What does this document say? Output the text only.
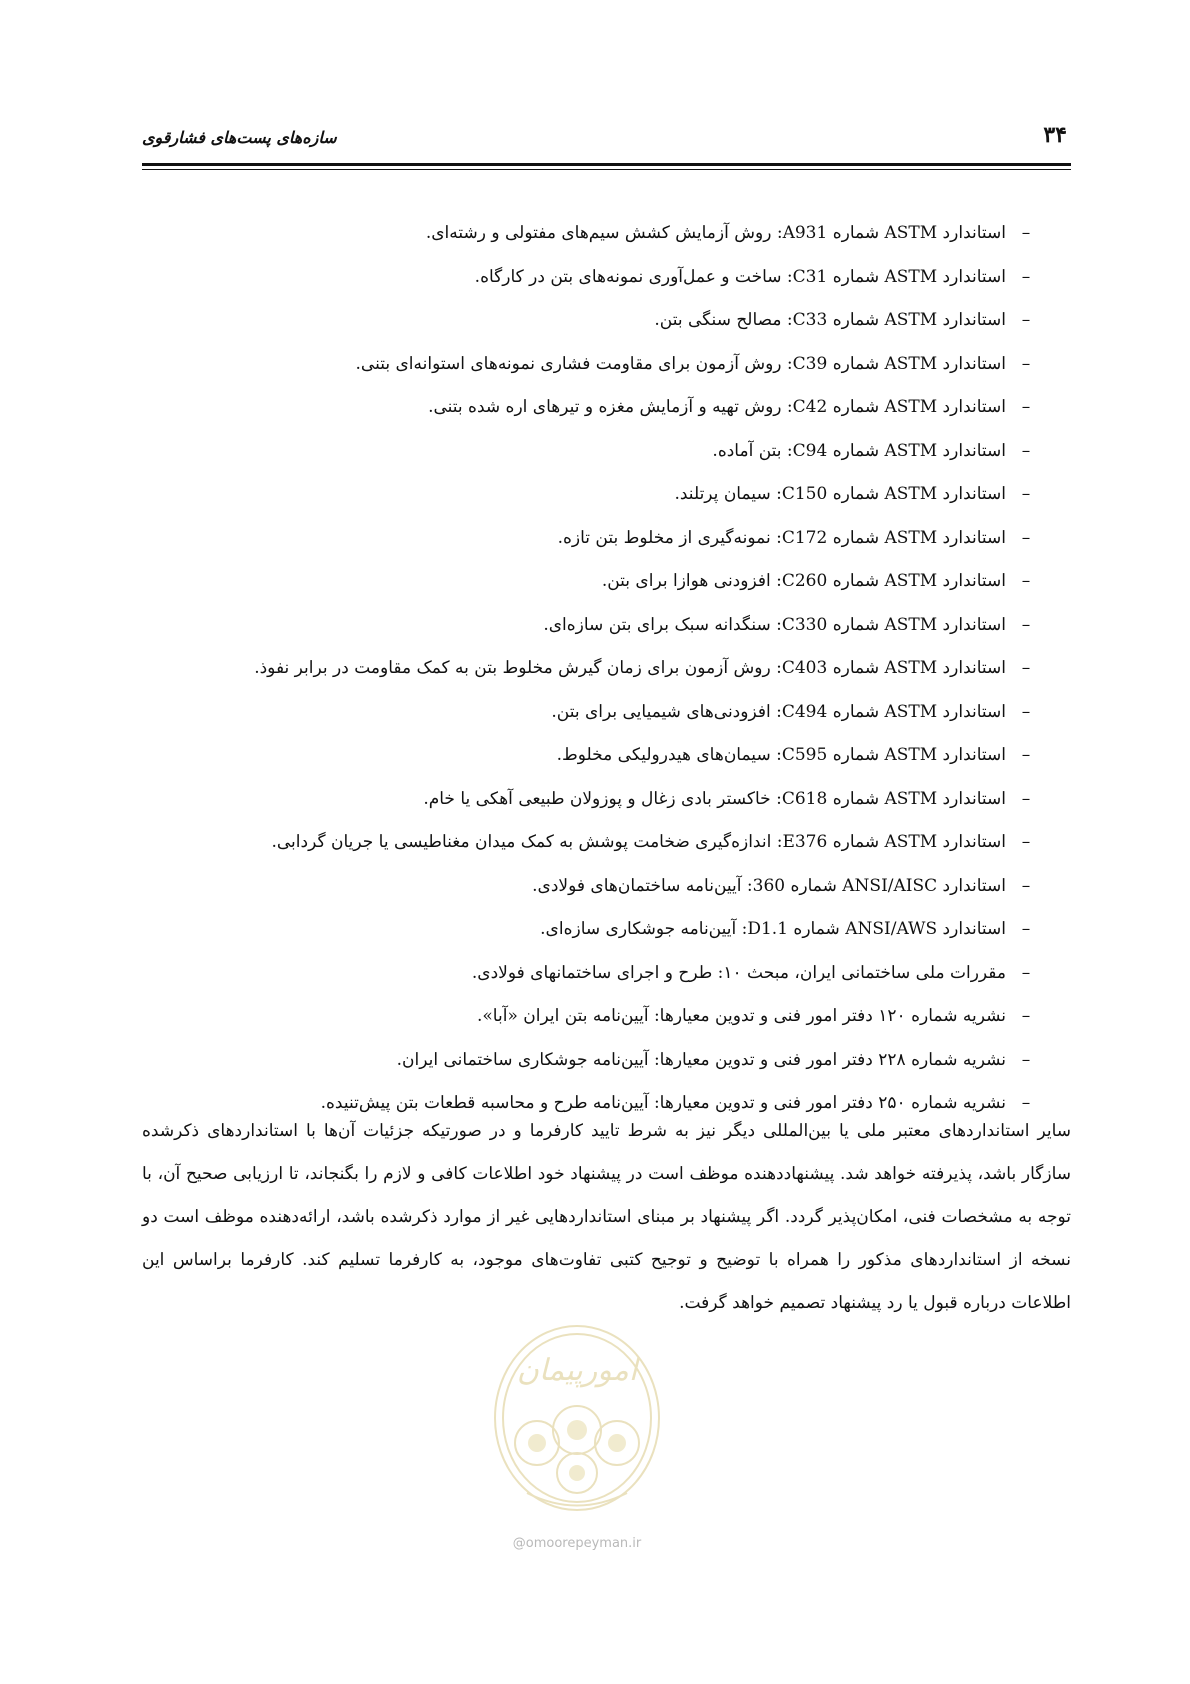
۳۴
سازه‌های پست‌های فشارقوی
–استاندارد ASTM شماره A931: روش آزمایش کشش سیم‌های مفتولی و رشته‌ای.
–استاندارد ASTM شماره C31: ساخت و عمل‌آوری نمونه‌های بتن در کارگاه.
–استاندارد ASTM شماره C33: مصالح سنگی بتن.
–استاندارد ASTM شماره C39: روش آزمون برای مقاومت فشاری نمونه‌های استوانه‌ای بتنی.
–استاندارد ASTM شماره C42: روش تهیه و آزمایش مغزه و تیرهای اره شده بتنی.
–استاندارد ASTM شماره C94: بتن آماده.
–استاندارد ASTM شماره C150: سیمان پرتلند.
–استاندارد ASTM شماره C172: نمونه‌گیری از مخلوط بتن تازه.
–استاندارد ASTM شماره C260: افزودنی هوازا برای بتن.
–استاندارد ASTM شماره C330: سنگدانه سبک برای بتن سازه‌ای.
–استاندارد ASTM شماره C403: روش آزمون برای زمان گیرش مخلوط بتن به کمک مقاومت در برابر نفوذ.
–استاندارد ASTM شماره C494: افزودنی‌های شیمیایی برای بتن.
–استاندارد ASTM شماره C595: سیمان‌های هیدرولیکی مخلوط.
–استاندارد ASTM شماره C618: خاکستر بادی زغال و پوزولان طبیعی آهکی یا خام.
–استاندارد ASTM شماره E376: اندازه‌گیری ضخامت پوشش به کمک میدان مغناطیسی یا جریان گردابی.
–استاندارد ANSI/AISC شماره 360: آیین‌نامه ساختمان‌های فولادی.
–استاندارد ANSI/AWS شماره D1.1: آیین‌نامه جوشکاری سازه‌ای.
–مقررات ملی ساختمانی ایران، مبحث ۱۰: طرح و اجرای ساختمانهای فولادی.
–نشریه شماره ۱۲۰ دفتر امور فنی و تدوین معیارها: آیین‌نامه بتن ایران «آبا».
–نشریه شماره ۲۲۸ دفتر امور فنی و تدوین معیارها: آیین‌نامه جوشکاری ساختمانی ایران.
–نشریه شماره ۲۵۰ دفتر امور فنی و تدوین معیارها: آیین‌نامه طرح و محاسبه قطعات بتن پیش‌تنیده.

سایر استانداردهای معتبر ملی یا بین‌المللی دیگر نیز به شرط تایید کارفرما و در صورتیکه جزئیات آن‌ها با استانداردهای ذکرشده سازگار باشد، پذیرفته خواهد شد. پیشنهاددهنده موظف است در پیشنهاد خود اطلاعات کافی و لازم را بگنجاند، تا ارزیابی صحیح آن، با توجه به مشخصات فنی، امکان‌پذیر گردد. اگر پیشنهاد بر مبنای استانداردهایی غیر از موارد ذکرشده باشد، ارائه‌دهنده موظف است دو نسخه از استانداردهای مذکور را همراه با توضیح و توجیح کتبی تفاوت‌های موجود، به کارفرما تسلیم کند. کارفرما براساس این اطلاعات درباره قبول یا رد پیشنهاد تصمیم خواهد گرفت.

امورپیمان
@omoorepeyman.ir
